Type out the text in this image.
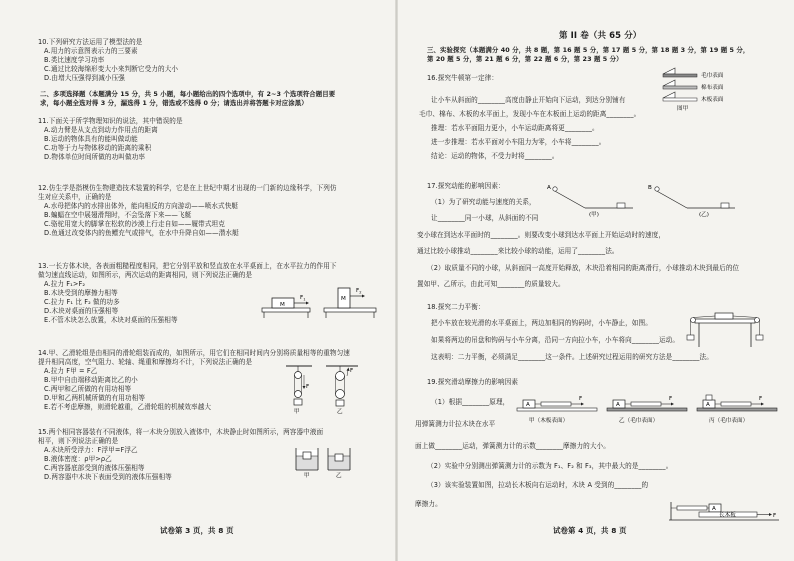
10.下列研究方法运用了模型法的是
A.用力的示意图表示力的三要素
B.类比速度学习功率
C.通过比较海绵形变大小来判断它受力的大小
D.由增大压强得到减小压强
二、多项选择题（本题满分 15 分，共 5 小题，每小题给出的四个选项中，有 2~3 个选项符合题目要
求，每小题全选对得 3 分，漏选得 1 分，错选或不选得 0 分；请选出并将答题卡对应涂黑）
11.下面关于所学物理知识的说法，其中错误的是
A.动力臂是从支点到动力作用点的距离
B.运动的物体具有的能叫做动能
C.功等于力与物体移动的距离的乘积
D.物体单位时间所做的功叫做功率
12.仿生学是指模仿生物建造技术装置的科学，它是在上世纪中期才出现的一门新的边缘科学，下列仿
生对应关系中，正确的是
A.水母把体内的水排出体外，能向相反的方向游动——喷水式快艇
B.蝙蝠在空中展翅滑翔时，不会坠落下来——飞艇
C.骆驼用宽大的脚掌在松软的沙漠上行走自如——履带式坦克
D.鱼通过改变体内的鱼鳔充气或排气，在水中升降自如——潜水艇
13.一长方体木块，各表面粗糙程度相同，把它分别平放和竖直放在水平桌面上，在水平拉力的作用下
做匀速直线运动，如图所示，两次运动的距离相同，则下列说法正确的是
A.拉力 F₁>F₂
B.木块受到的摩擦力相等
C.拉力 F₁ 比 F₂ 做的功多
D.木块对桌面的压强相等
E.不管木块怎么放置，木块对桌面的压强相等
M
$F_1$	M
$F_2$
14.甲、乙滑轮组是由相同的滑轮组装而成的，如图所示，用它们在相同时间内分别将质量相等的重物匀速
提升相同高度，空气阻力、轮轴、绳重和摩擦均不计，下列说法正确的是
A.拉力 F甲 = F乙
B.甲中自由端移动距离比乙的小
C.两甲和乙所做的有用功相等
D.甲和乙两机械所做的有用功相等
E.若不考虑摩擦，则滑轮越重，乙滑轮组的机械效率越大
F
甲
F
乙
15.两个相同容器装有不同液体，将一木块分别放入液体中，木块静止时如图所示，两容器中液面
相平，则下列说法正确的是
A.木块所受浮力：F浮甲=F浮乙
B.液体密度：ρ甲>ρ乙
C.两容器底部受到的液体压强相等
D.两容器中木块下表面受到的液体压强相等	甲	乙
试卷第 3 页，共 8 页
第 II 卷（共 65 分）
三、实验探究（本题满分 40 分，共 8 题，第 16 题 5 分，第 17 题 5 分，第 18 题 3 分，第 19 题 5 分，
第 20 题 5 分，第 21 题 6 分，第 22 题 6 分，第 23 题 5 分）
16.探究牛顿第一定律：
让小车从斜面的________高度由静止开始向下运动，到达分别铺有
毛巾、棉布、木板的水平面上，发现小车在木板面上运动的距离________。
推理：若水平面阻力更小，小车运动距离将更________。
进一步推理：若水平面对小车阻力为零，小车将________。
结论：运动的物体，不受力时将________。
毛巾表面
棉布表面
木板表面
图甲
17.探究动能的影响因素：
（1）为了研究动能与速度的关系，
让________同一小球，从斜面的不同
变小球在到达水平面时的________。则要改变小球到达水平面上开始运动时的速度，
通过比较小球推动________来比较小球的动能，运用了________法。
（2）取质量不同的小球，从斜面同一高度开始释放，木块沿着相同的距离滑行，小球推动木块到最后的位
置如甲、乙所示，由此可知________的质量较大。
A
(甲)
B
(乙)
18.探究二力平衡：
把小车放在较光滑的水平桌面上，两边加相同的钩码时，小车静止，如图。
如果将两边的吊盘和钩码与小车分离，沿同一方向拉小车，小车将向________运动。
这表明：二力平衡，必须满足________这一条件。上述研究过程运用的研究方法是________法。
19.探究滑动摩擦力的影响因素
（1）根据________原理，
用弹簧测力计拉木块在水平
面上做________运动，弹簧测力计的示数________摩擦力的大小。
（2）实验中分别测出弹簧测力计的示数为 F₁、F₂ 和 F₃，其中最大的是________。
（3）该实验装置如图，拉动长木板向右运动时，木块 A 受到的________的
摩擦力。
A
F
甲（木板表面）
A
F
乙（毛巾表面）
A
F
丙（毛巾表面）
A
长木板	F
试卷第 4 页，共 8 页
